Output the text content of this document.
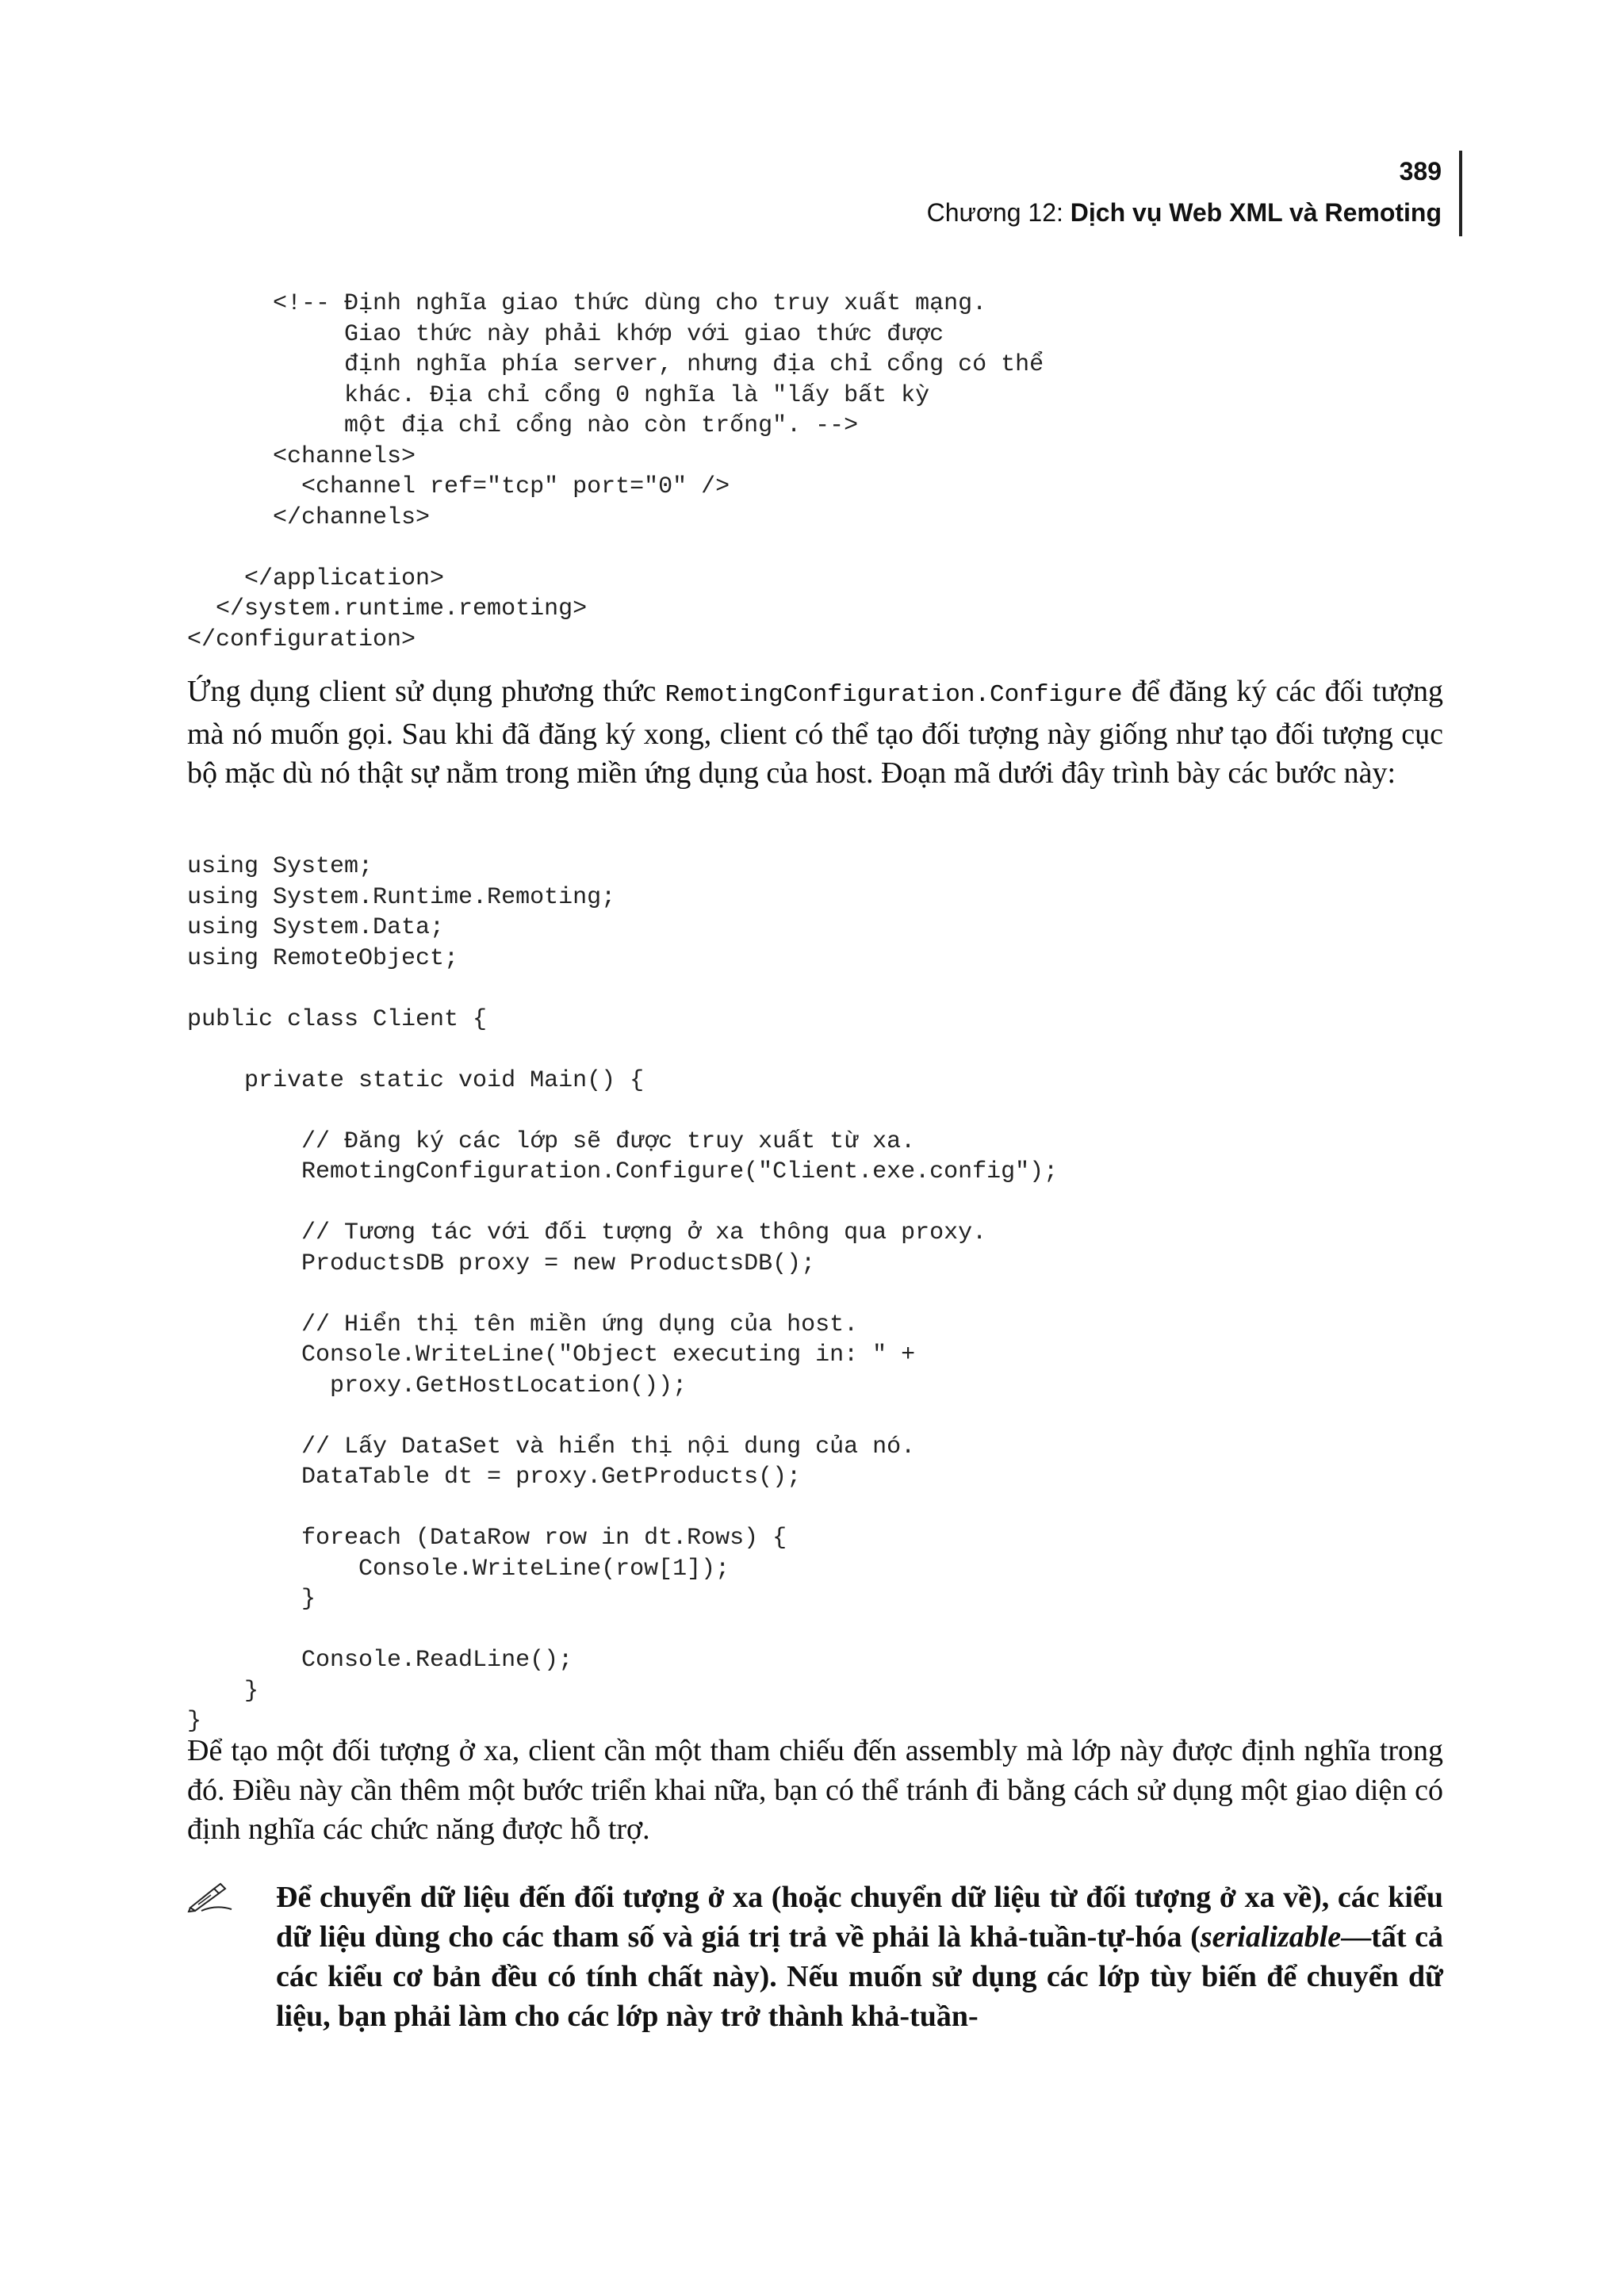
389
Chương 12: Dịch vụ Web XML và Remoting
<!-- Định nghĩa giao thức dùng cho truy xuất mạng.
Giao thức này phải khớp với giao thức được
định nghĩa phía server, nhưng địa chỉ cổng có thể
khác. Địa chỉ cổng 0 nghĩa là "lấy bất kỳ
một địa chỉ cổng nào còn trống". -->
<channels>
<channel ref="tcp" port="0" />
</channels>
</application>
</system.runtime.remoting>
</configuration>

Ứng dụng client sử dụng phương thức RemotingConfiguration.Configure để đăng ký các đối tượng mà nó muốn gọi. Sau khi đã đăng ký xong, client có thể tạo đối tượng này giống như tạo đối tượng cục bộ mặc dù nó thật sự nằm trong miền ứng dụng của host. Đoạn mã dưới đây trình bày các bước này:

using System;
using System.Runtime.Remoting;
using System.Data;
using RemoteObject;
public class Client {
private static void Main() {
// Đăng ký các lớp sẽ được truy xuất từ xa.
RemotingConfiguration.Configure("Client.exe.config");
// Tương tác với đối tượng ở xa thông qua proxy.
ProductsDB proxy = new ProductsDB();
// Hiển thị tên miền ứng dụng của host.
Console.WriteLine("Object executing in: " +
proxy.GetHostLocation());
// Lấy DataSet và hiển thị nội dung của nó.
DataTable dt = proxy.GetProducts();
foreach (DataRow row in dt.Rows) {
Console.WriteLine(row[1]);
}
Console.ReadLine();
}
}

Để tạo một đối tượng ở xa, client cần một tham chiếu đến assembly mà lớp này được định nghĩa trong đó. Điều này cần thêm một bước triển khai nữa, bạn có thể tránh đi bằng cách sử dụng một giao diện có định nghĩa các chức năng được hỗ trợ.

Để chuyển dữ liệu đến đối tượng ở xa (hoặc chuyển dữ liệu từ đối tượng ở xa về), các kiểu dữ liệu dùng cho các tham số và giá trị trả về phải là khả-tuần-tự-hóa (serializable—tất cả các kiểu cơ bản đều có tính chất này). Nếu muốn sử dụng các lớp tùy biến để chuyển dữ liệu, bạn phải làm cho các lớp này trở thành khả-tuần-
